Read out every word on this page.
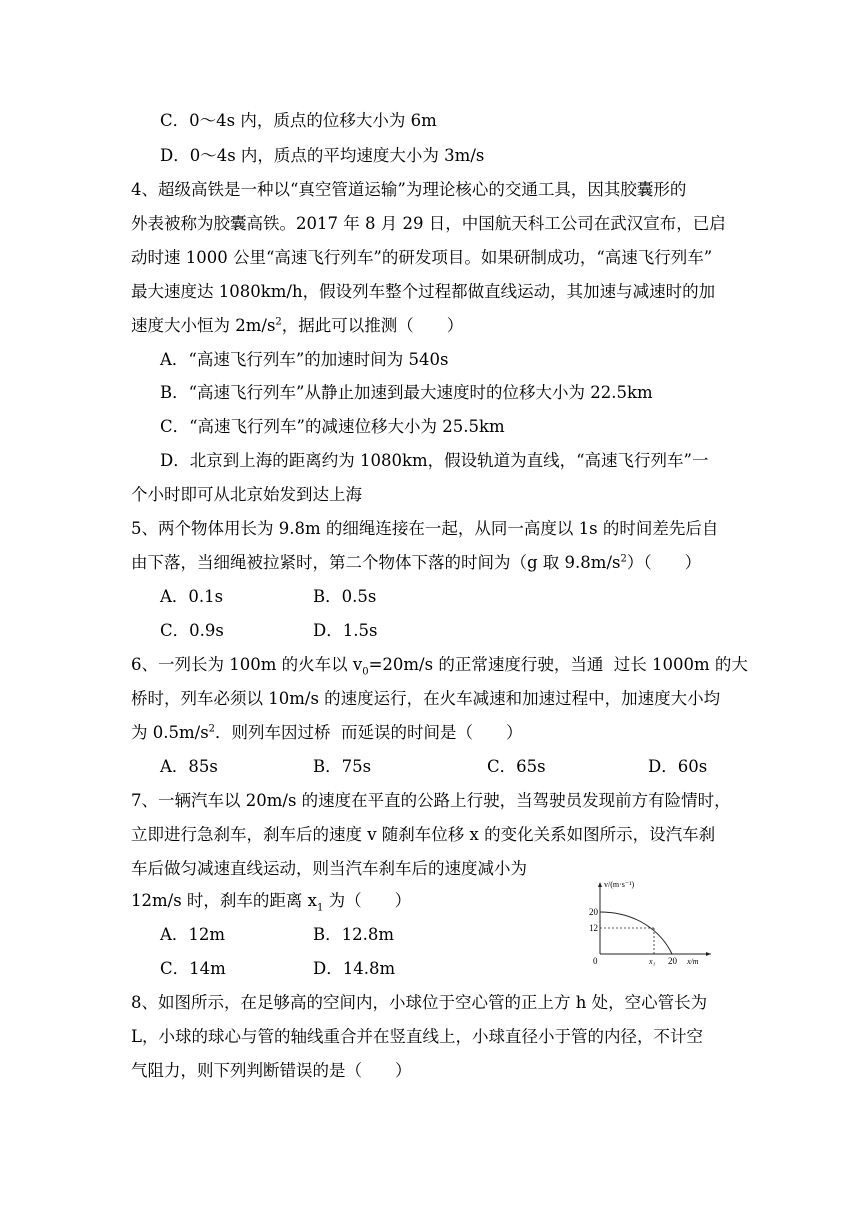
C．0～4s 内，质点的位移大小为 6m
D．0～4s 内，质点的平均速度大小为 3m/s
4、超级高铁是一种以“真空管道运输”为理论核心的交通工具，因其胶囊形的
外表被称为胶囊高铁。2017 年 8 月 29 日，中国航天科工公司在武汉宣布，已启
动时速 1000 公里“高速飞行列车”的研发项目。如果研制成功，“高速飞行列车”
最大速度达 1080km/h，假设列车整个过程都做直线运动，其加速与减速时的加
速度大小恒为 $2m/s^2$，据此可以推测（　　）
A．“高速飞行列车”的加速时间为 540s
B．“高速飞行列车”从静止加速到最大速度时的位移大小为 22.5km
C．“高速飞行列车”的减速位移大小为 25.5km
D．北京到上海的距离约为 1080km，假设轨道为直线，“高速飞行列车”一
个小时即可从北京始发到达上海
5、两个物体用长为 9.8m 的细绳连接在一起，从同一高度以 1s 的时间差先后自
由下落，当细绳被拉紧时，第二个物体下落的时间为（g 取 $9.8m/s^2$）（　　）
A．0.1s	B．0.5s
C．0.9s	D．1.5s
6、一列长为 100m 的火车以 $v_0=20m/s$ 的正常速度行驶，当通  过长 1000m 的大
桥时，列车必须以 10m/s 的速度运行，在火车减速和加速过程中，加速度大小均
为 $0.5m/s^2$．则列车因过桥  而延误的时间是（　　）
A．85s	B．75s	C．65s	D．60s
7、一辆汽车以 20m/s 的速度在平直的公路上行驶，当驾驶员发现前方有险情时，
立即进行急刹车，刹车后的速度 v 随刹车位移 x 的变化关系如图所示，设汽车刹
车后做匀减速直线运动，则当汽车刹车后的速度减小为
12m/s 时，刹车的距离 $x_1$ 为（　　）
A．12m	B．12.8m
C．14m	D．14.8m
v/(m·s⁻¹)
20
12
0	x₁ 20 x/m
8、如图所示，在足够高的空间内，小球位于空心管的正上方 h 处，空心管长为
L，小球的球心与管的轴线重合并在竖直线上，小球直径小于管的内径，不计空
气阻力，则下列判断错误的是（　　）
